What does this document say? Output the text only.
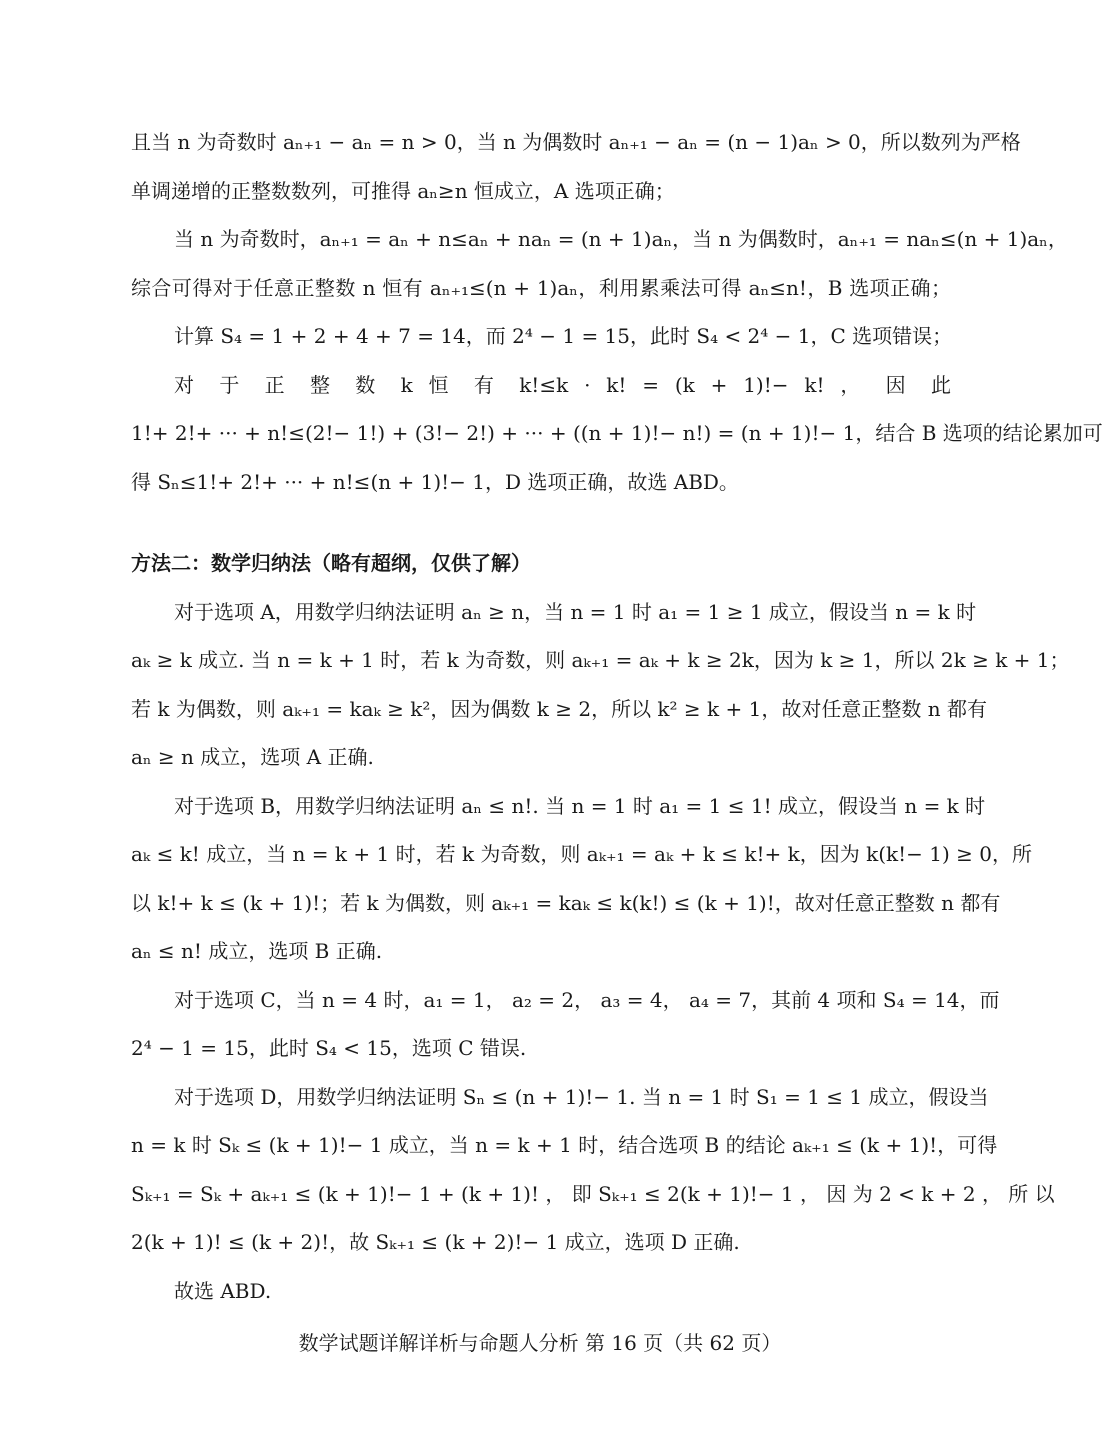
且当 n 为奇数时 aₙ₊₁ − aₙ = n > 0，当 n 为偶数时 aₙ₊₁ − aₙ = (n − 1)aₙ > 0，所以数列为严格
单调递增的正整数数列，可推得 aₙ≥n 恒成立，A 选项正确；
当 n 为奇数时，aₙ₊₁ = aₙ + n≤aₙ + naₙ = (n + 1)aₙ，当 n 为偶数时，aₙ₊₁ = naₙ≤(n + 1)aₙ，
综合可得对于任意正整数 n 恒有 aₙ₊₁≤(n + 1)aₙ，利用累乘法可得 aₙ≤n!，B 选项正确；
计算 S₄ = 1 + 2 + 4 + 7 = 14，而 2⁴ − 1 = 15，此时 S₄ < 2⁴ − 1，C 选项错误；
对 于 正 整 数 k 恒 有 k!≤k · k! = (k + 1)!− k! ， 因 此
1!+ 2!+ ··· + n!≤(2!− 1!) + (3!− 2!) + ··· + ((n + 1)!− n!) = (n + 1)!− 1，结合 B 选项的结论累加可
得 Sₙ≤1!+ 2!+ ··· + n!≤(n + 1)!− 1，D 选项正确，故选 ABD。
方法二：数学归纳法（略有超纲，仅供了解）
对于选项 A，用数学归纳法证明 aₙ ≥ n，当 n = 1 时 a₁ = 1 ≥ 1 成立，假设当 n = k 时
aₖ ≥ k 成立. 当 n = k + 1 时，若 k 为奇数，则 aₖ₊₁ = aₖ + k ≥ 2k，因为 k ≥ 1，所以 2k ≥ k + 1；
若 k 为偶数，则 aₖ₊₁ = kaₖ ≥ k²，因为偶数 k ≥ 2，所以 k² ≥ k + 1，故对任意正整数 n 都有
aₙ ≥ n 成立，选项 A 正确.
对于选项 B，用数学归纳法证明 aₙ ≤ n!. 当 n = 1 时 a₁ = 1 ≤ 1! 成立，假设当 n = k 时
aₖ ≤ k! 成立，当 n = k + 1 时，若 k 为奇数，则 aₖ₊₁ = aₖ + k ≤ k!+ k，因为 k(k!− 1) ≥ 0，所
以 k!+ k ≤ (k + 1)!；若 k 为偶数，则 aₖ₊₁ = kaₖ ≤ k(k!) ≤ (k + 1)!，故对任意正整数 n 都有
aₙ ≤ n! 成立，选项 B 正确.
对于选项 C，当 n = 4 时，a₁ = 1， a₂ = 2， a₃ = 4， a₄ = 7，其前 4 项和 S₄ = 14，而
2⁴ − 1 = 15，此时 S₄ < 15，选项 C 错误.
对于选项 D，用数学归纳法证明 Sₙ ≤ (n + 1)!− 1. 当 n = 1 时 S₁ = 1 ≤ 1 成立，假设当
n = k 时 Sₖ ≤ (k + 1)!− 1 成立，当 n = k + 1 时，结合选项 B 的结论 aₖ₊₁ ≤ (k + 1)!，可得
Sₖ₊₁ = Sₖ + aₖ₊₁ ≤ (k + 1)!− 1 + (k + 1)! ， 即 Sₖ₊₁ ≤ 2(k + 1)!− 1 ， 因 为 2 < k + 2 ， 所 以
2(k + 1)! ≤ (k + 2)!，故 Sₖ₊₁ ≤ (k + 2)!− 1 成立，选项 D 正确.
故选 ABD.
数学试题详解详析与命题人分析 第 16 页（共 62 页）
